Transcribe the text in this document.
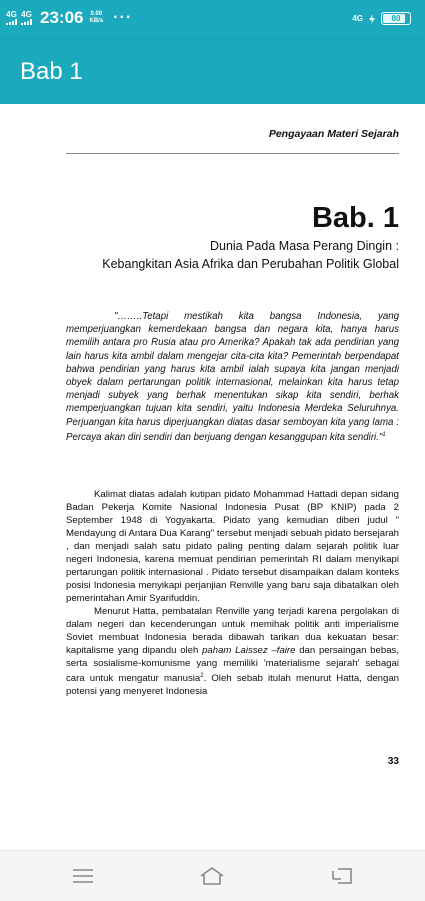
4G 4G 23:06 0.00
KB/s ···	4G	80
Bab 1
Pengayaan Materi Sejarah
Bab. 1
Dunia Pada Masa Perang Dingin :
Kebangkitan Asia Afrika dan Perubahan Politik Global
"……..Tetapi mestikah kita bangsa Indonesia, yang memperjuangkan kemerdekaan bangsa dan negara kita, hanya harus memilih antara pro Rusia atau pro Amerika? Apakah tak ada pendirian yang lain harus kita ambil dalam mengejar cita-cita kita? Pemerintah berpendapat bahwa pendirian yang harus kita ambil ialah supaya kita jangan menjadi obyek dalam pertarungan politik internasional, melainkan kita harus tetap menjadi subyek yang berhak menentukan sikap kita sendiri, berhak memperjuangkan tujuan kita sendiri, yaitu Indonesia Merdeka Seluruhnya. Perjuangan kita harus diperjuangkan diatas dasar semboyan kita yang lama : Percaya akan diri sendiri dan berjuang dengan kesanggupan kita sendiri."$^1$

Kalimat diatas adalah kutipan pidato Mohammad Hattadi depan sidang Badan Pekerja Komite Nasional Indonesia Pusat (BP KNIP) pada 2 September 1948 di Yogyakarta. Pidato yang kemudian diberi judul " Mendayung di Antara Dua Karang" tersebut menjadi sebuah pidato bersejarah , dan menjadi salah satu pidato paling penting dalam sejarah politik luar negeri Indonesia, karena memuat pendirian pemerintah RI dalam menyikapi pertarungan politik internasional . Pidato tersebut disampaikan dalam konteks posisi Indonesia menyikapi perjanjian Renville yang baru saja dibatalkan oleh pemerintahan Amir Syarifuddin.

Menurut Hatta, pembatalan Renville yang terjadi karena pergolakan di dalam negeri dan kecenderungan untuk memihak politik anti imperialisme Soviet membuat Indonesia berada dibawah tarikan dua kekuatan besar: kapitalisme yang dipandu oleh paham Laissez –faire dan persaingan bebas, serta sosialisme-komunisme yang memiliki 'materialisme sejarah' sebagai cara untuk mengatur manusia$^2$. Oleh sebab itulah menurut Hatta, dengan potensi yang menyeret Indonesia

33
